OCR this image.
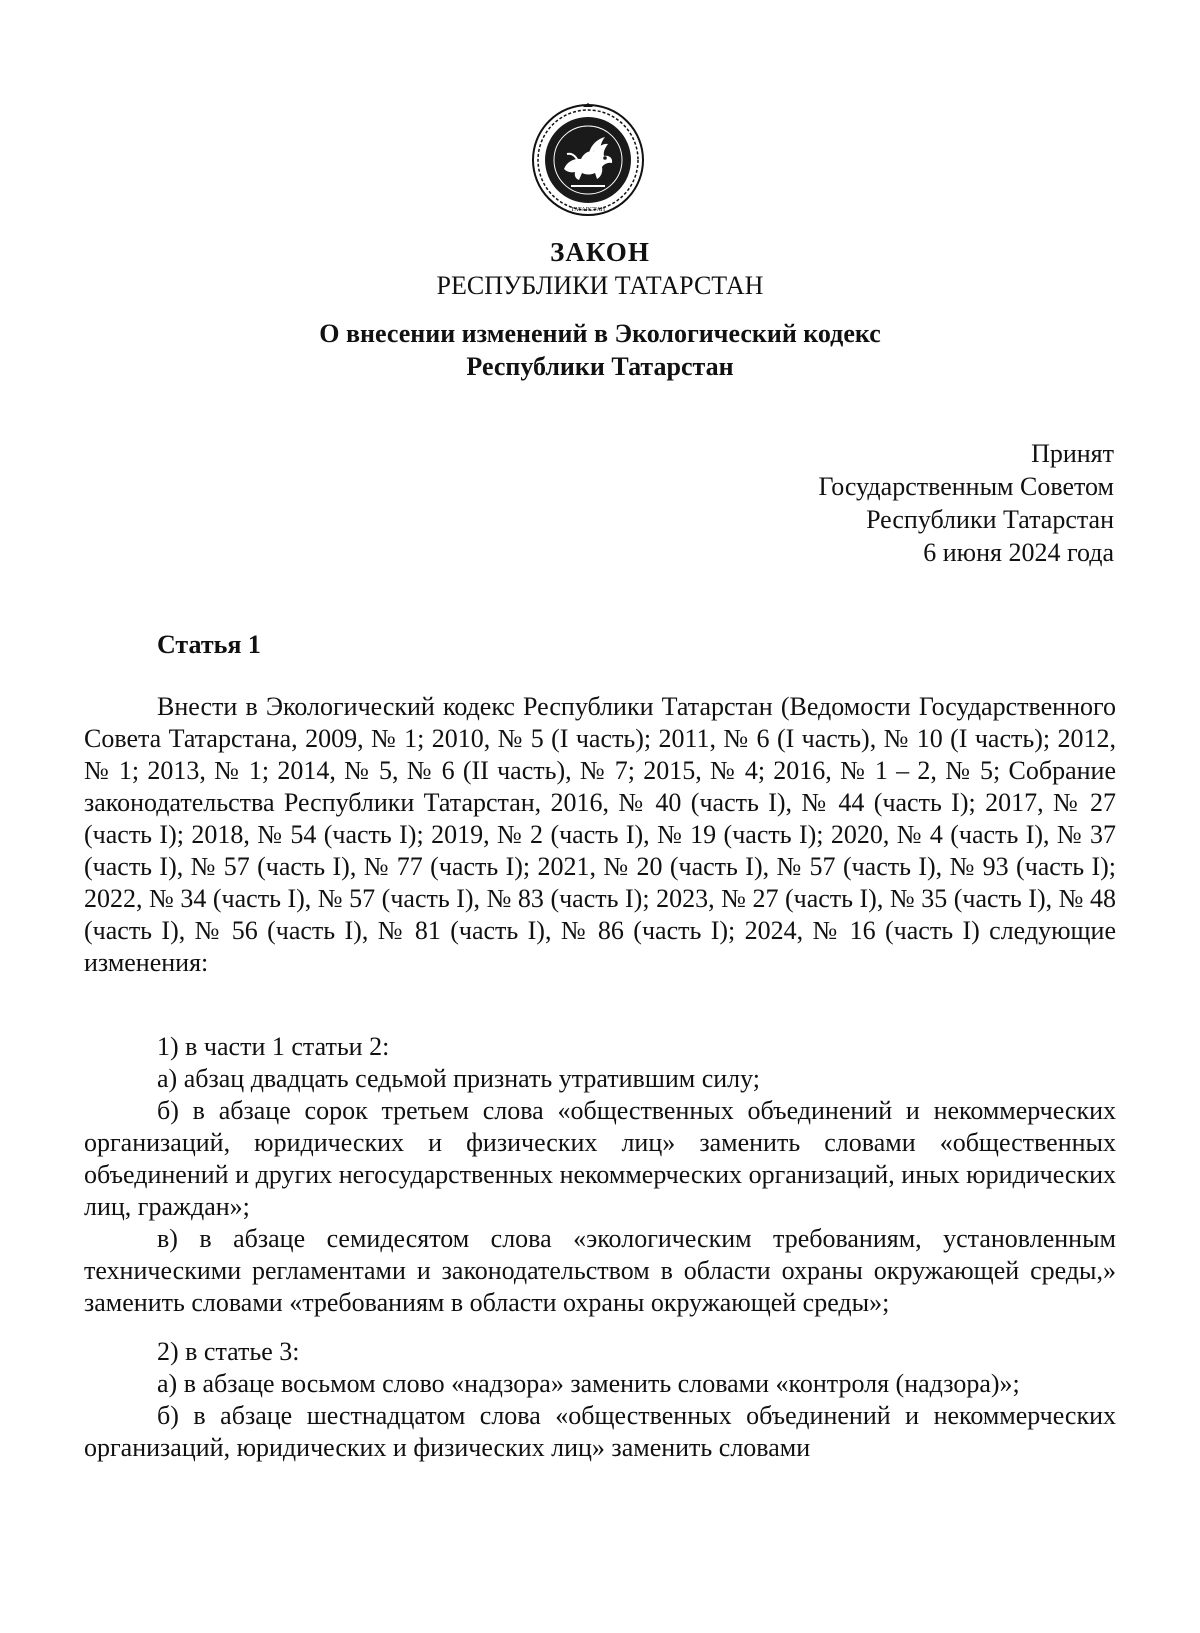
ТАТАРСТАН
ЗАКОН
РЕСПУБЛИКИ ТАТАРСТАН
О внесении изменений в Экологический кодекс
Республики Татарстан
Принят
Государственным Советом
Республики Татарстан
6 июня 2024 года
Статья 1

Внести в Экологический кодекс Республики Татарстан (Ведомости Государственного Совета Татарстана, 2009, № 1; 2010, № 5 (I часть); 2011, № 6 (I часть), № 10 (I часть); 2012, № 1; 2013, № 1; 2014, № 5, № 6 (II часть), № 7; 2015, № 4; 2016, № 1 – 2, № 5; Собрание законодательства Республики Татарстан, 2016, № 40 (часть I), № 44 (часть I); 2017, № 27 (часть I); 2018, № 54 (часть I); 2019, № 2 (часть I), № 19 (часть I); 2020, № 4 (часть I), № 37 (часть I), № 57 (часть I), № 77 (часть I); 2021, № 20 (часть I), № 57 (часть I), № 93 (часть I); 2022, № 34 (часть I), № 57 (часть I), № 83 (часть I); 2023, № 27 (часть I), № 35 (часть I), № 48 (часть I), № 56 (часть I), № 81 (часть I), № 86 (часть I); 2024, № 16 (часть I) следующие изменения:

1) в части 1 статьи 2:

а) абзац двадцать седьмой признать утратившим силу;

б) в абзаце сорок третьем слова «общественных объединений и некоммерческих организаций, юридических и физических лиц» заменить словами «общественных объединений и других негосударственных некоммерческих организаций, иных юридических лиц, граждан»;

в) в абзаце семидесятом слова «экологическим требованиям, установленным техническими регламентами и законодательством в области охраны окружающей среды,» заменить словами «требованиям в области охраны окружающей среды»;

2) в статье 3:

а) в абзаце восьмом слово «надзора» заменить словами «контроля (надзора)»;

б) в абзаце шестнадцатом слова «общественных объединений и некоммерческих организаций, юридических и физических лиц» заменить словами
